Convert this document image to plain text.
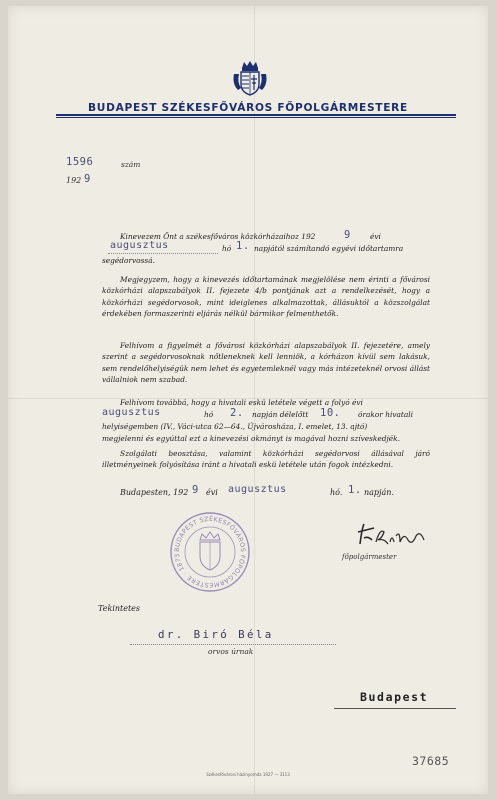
BUDAPEST SZÉKESFŐVÁROS FŐPOLGÁRMESTERE
1596	szám
192 9
Kinevezem Önt a székesfőváros közkórházaihoz 192	9	évi
augusztus	hó 1. napjától számítandó egyévi időtartamra
segédorvossá.
Megjegyzem, hogy a kinevezés időtartamának megjelölése nem érinti a fővárosi közkórházi alapszabályok II. fejezete 4/b pontjának azt a rendelkezését, hogy a közkórházi segédorvosok, mint ideiglenes alkalmazottak, állásuktól a közszolgálat érdekében formaszerinti eljárás nélkül bármikor felmenthetők.
Felhívom a figyelmét a fővárosi közkórházi alapszabályok II. fejezetére, amely szerint a segédorvosoknak nőtleneknek kell lenniök, a kórházon kívül sem lakásuk, sem rendelőhelyiségük nem lehet és egyetemleknél vagy más intézeteknél orvosi állást vállalniok nem szabad.
Felhívom továbbá, hogy a hivatali eskü letétele végett a folyó évi
augusztus	hó 2. napján délelőtt 10. órakor hivatali
helyiségemben (IV., Váci-utca 62—64., Újvárosháza, I. emelet, 13. ajtó)
megjelenni és egyúttal ezt a kinevezési okmányt is magával hozni szíveskedjék.
Szolgálati beosztása, valamint közkórházi segédorvosi állásával járó illetményeinek folyósítása iránt a hivatali eskü letétele után fogok intézkedni.
Budapesten, 192 9 évi augusztus	hó. 1. napján.
BUDAPEST SZÉKESFŐVÁROS FŐPOLGÁRMESTERE · 1873	főpolgármester
Tekintetes
dr. Biró Béla
orvos úrnak
Budapest
37685
Székesfővárosi házinyomda 1927 — 3113
